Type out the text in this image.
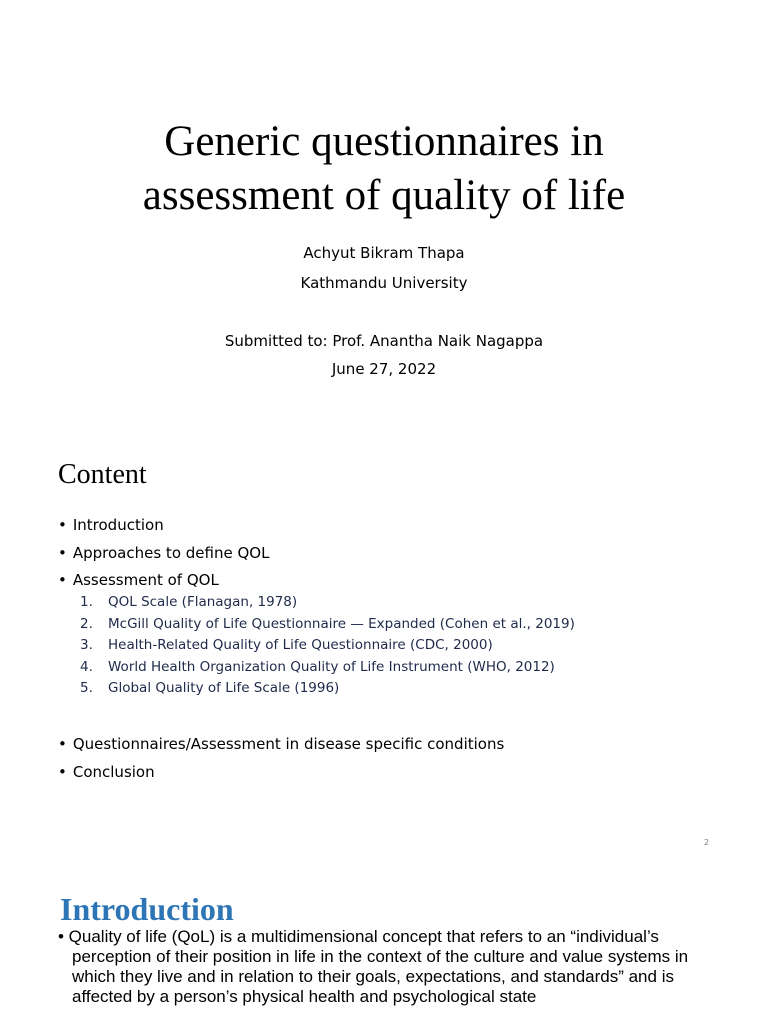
Generic questionnaires in
assessment of quality of life
Achyut Bikram Thapa
Kathmandu University
Submitted to: Prof. Anantha Naik Nagappa
June 27, 2022
Content
• Introduction
• Approaches to define QOL
• Assessment of QOL
1. QOL Scale (Flanagan, 1978)
2. McGill Quality of Life Questionnaire — Expanded (Cohen et al., 2019)
3. Health-Related Quality of Life Questionnaire (CDC, 2000)
4. World Health Organization Quality of Life Instrument (WHO, 2012)
5. Global Quality of Life Scale (1996)
• Questionnaires/Assessment in disease specific conditions
• Conclusion
2
Introduction
• Quality of life (QoL) is a multidimensional concept that refers to an “individual’s perception of their position in life in the context of the culture and value systems in which they live and in relation to their goals, expectations, and standards” and is affected by a person’s physical health and psychological state
